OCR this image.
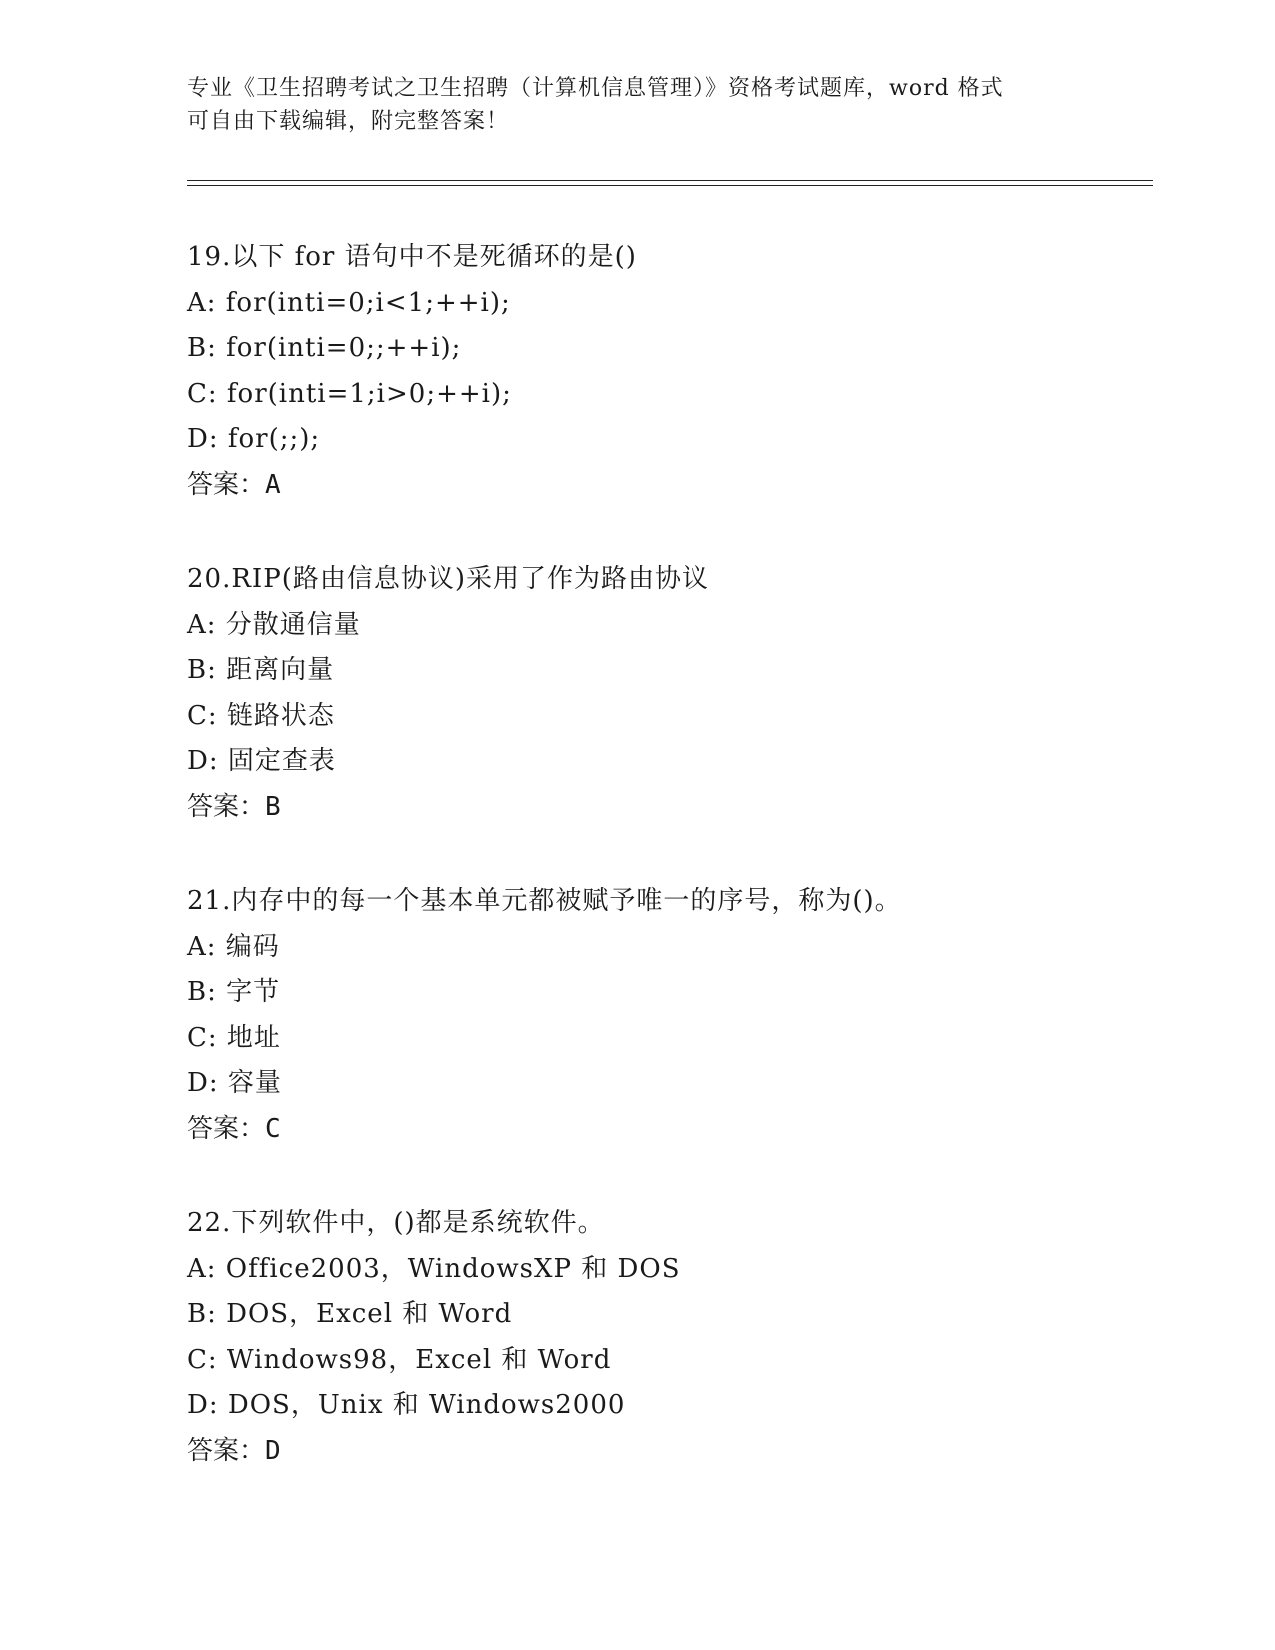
专业《卫生招聘考试之卫生招聘（计算机信息管理）》资格考试题库，word 格式
可自由下载编辑，附完整答案！
19.以下 for 语句中不是死循环的是()
A: for(inti=0;i<1;++i);
B: for(inti=0;;++i);
C: for(inti=1;i>0;++i);
D: for(;;);
答案：A
20.RIP(路由信息协议)采用了作为路由协议
A: 分散通信量
B: 距离向量
C: 链路状态
D: 固定查表
答案：B
21.内存中的每一个基本单元都被赋予唯一的序号，称为()。
A: 编码
B: 字节
C: 地址
D: 容量
答案：C
22.下列软件中，()都是系统软件。
A: Office2003，WindowsXP 和 DOS
B: DOS，Excel 和 Word
C: Windows98，Excel 和 Word
D: DOS，Unix 和 Windows2000
答案：D
